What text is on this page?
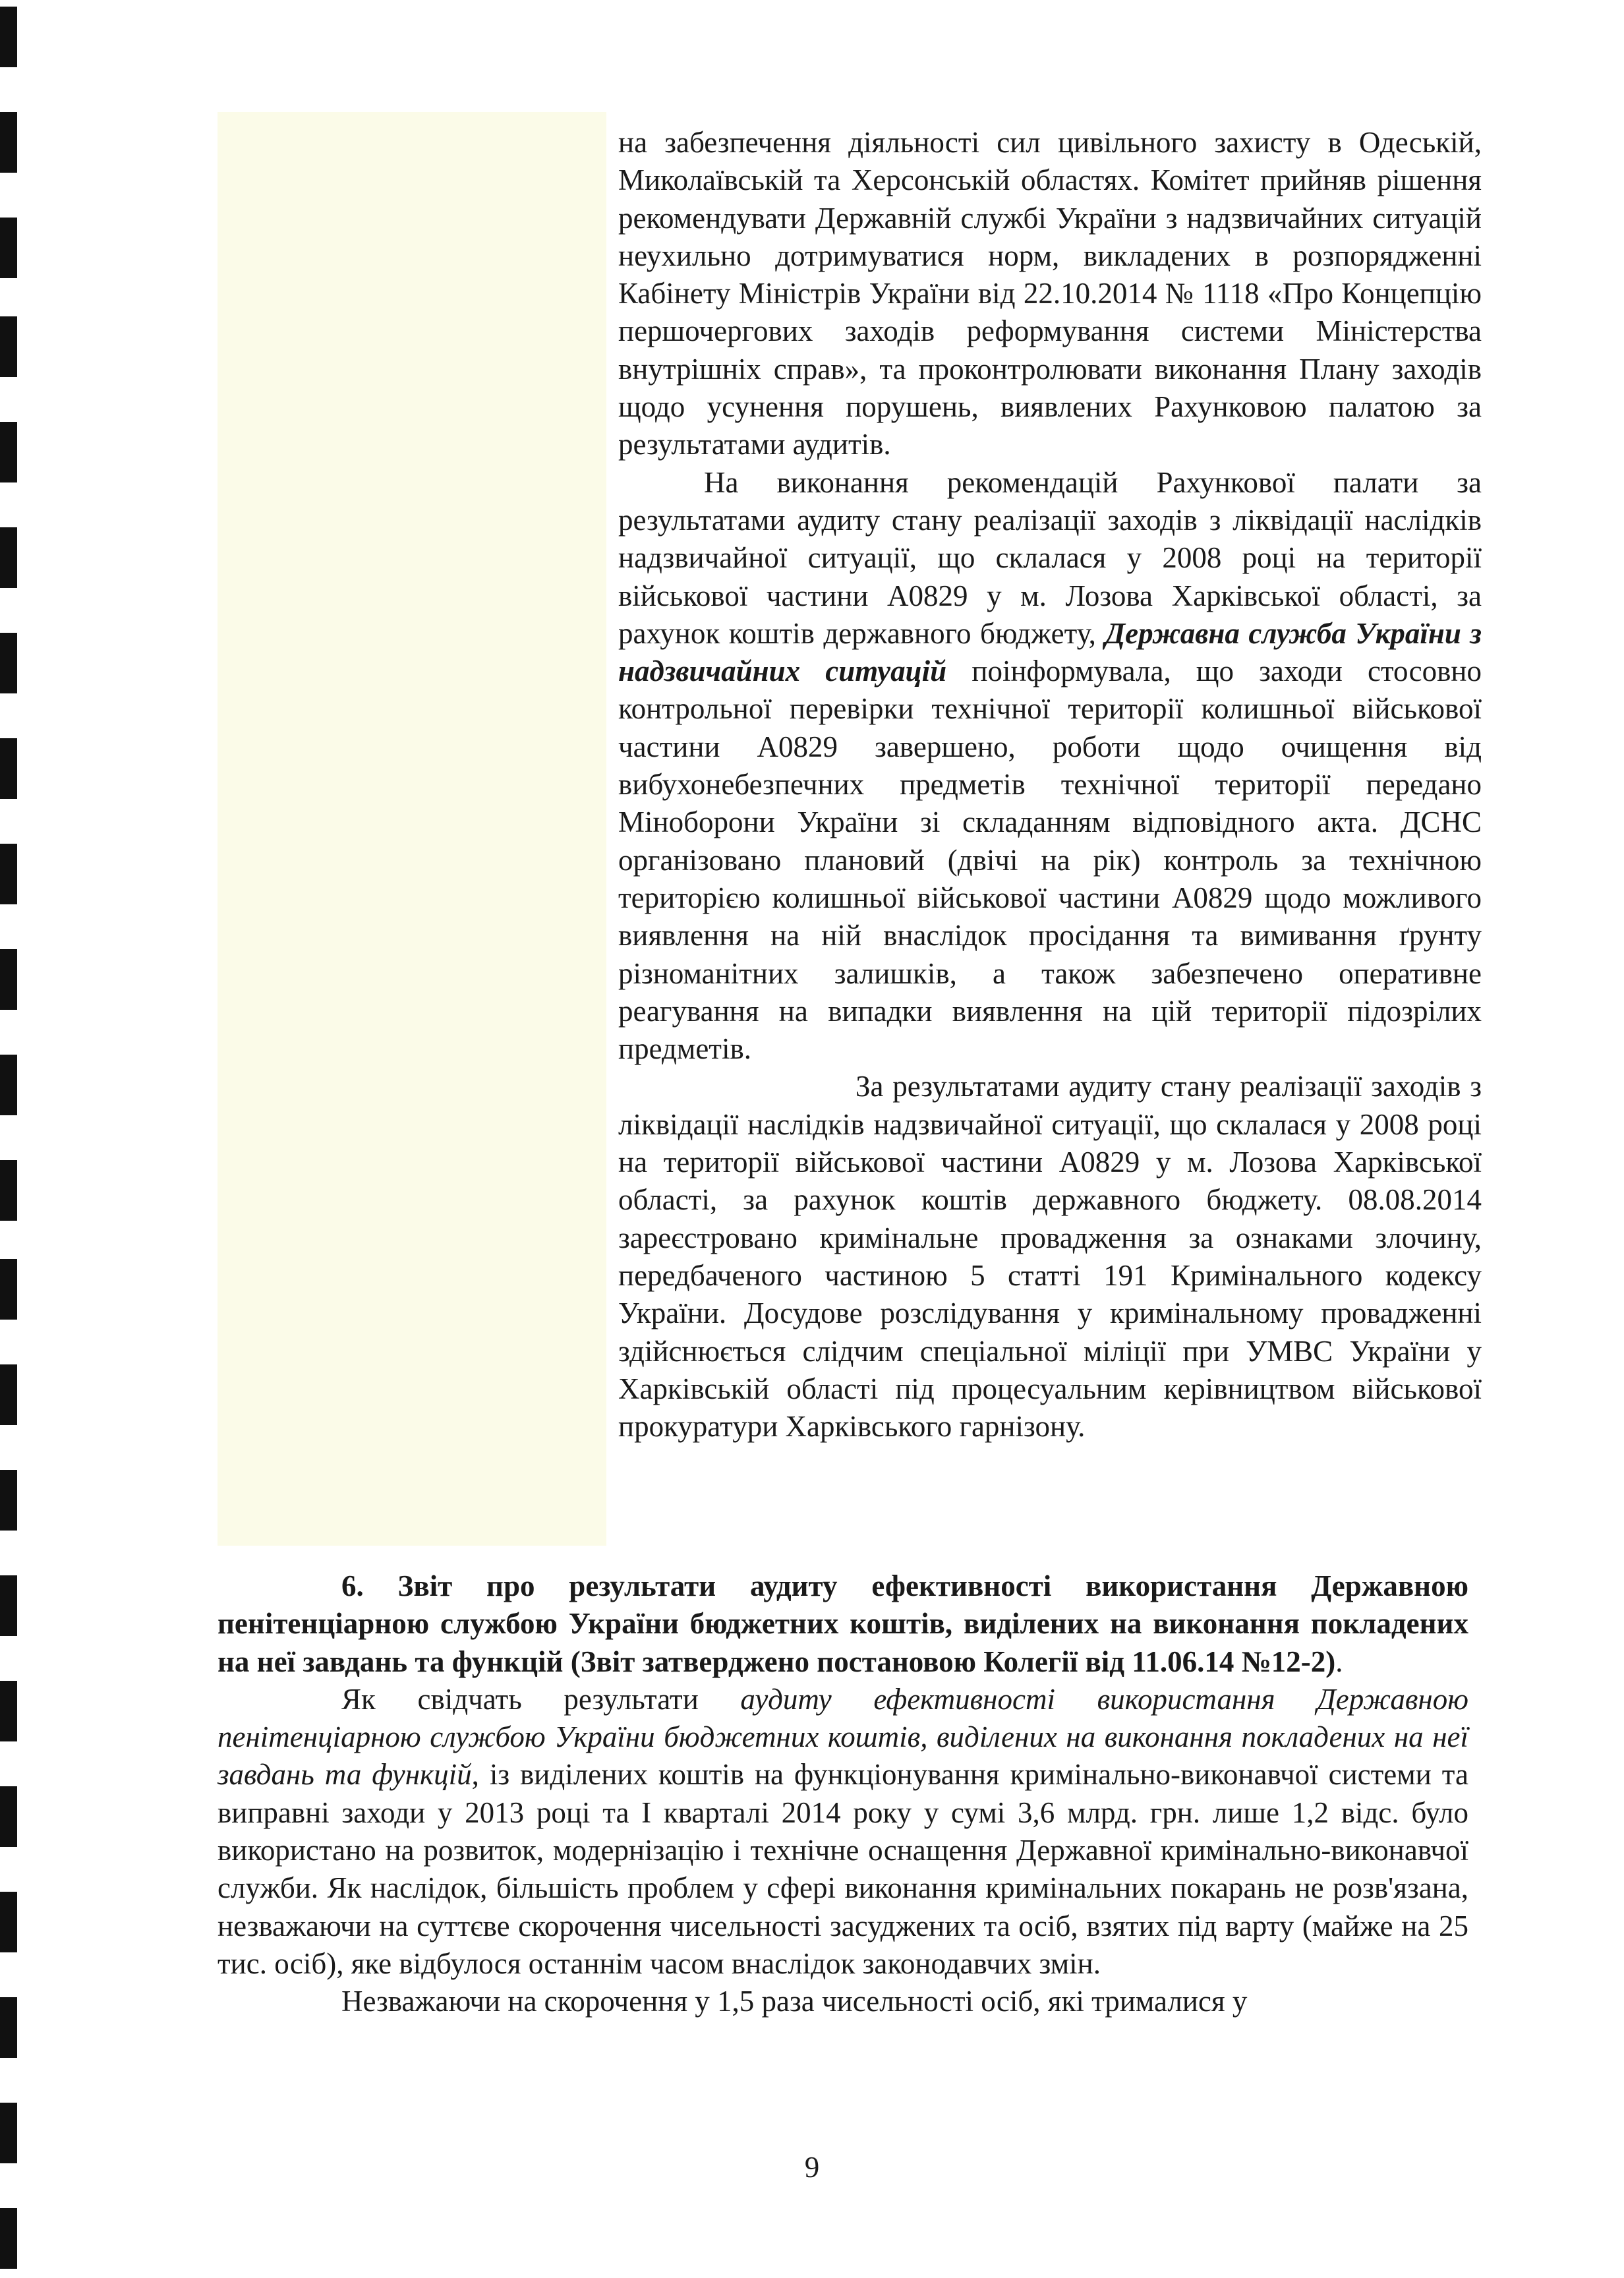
на забезпечення діяльності сил цивільного захисту в Одеській, Миколаївській та Херсонській областях. Комітет прийняв рішення рекомендувати Державній службі України з надзвичайних ситуацій неухильно дотримуватися норм, викладених в розпорядженні Кабінету Міністрів України від 22.10.2014 № 1118 «Про Концепцію першочергових заходів реформування системи Міністерства внутрішніх справ», та проконтролювати виконання Плану заходів щодо усунення порушень, виявлених Рахунковою палатою за результатами аудитів.

На виконання рекомендацій Рахункової палати за результатами аудиту стану реалізації заходів з ліквідації наслідків надзвичайної ситуації, що склалася у 2008 році на території військової частини А0829 у м. Лозова Харківської області, за рахунок коштів державного бюджету, Державна служба України з надзвичайних ситуацій поінформувала, що заходи стосовно контрольної перевірки технічної території колишньої військової частини А0829 завершено, роботи щодо очищення від вибухонебезпечних предметів технічної території передано Міноборони України зі складанням відповідного акта. ДСНС організовано плановий (двічі на рік) контроль за технічною територією колишньої військової частини А0829 щодо можливого виявлення на ній внаслідок просідання та вимивання ґрунту різноманітних залишків, а також забезпечено оперативне реагування на випадки виявлення на цій території підозрілих предметів.

За результатами аудиту стану реалізації заходів з ліквідації наслідків надзвичайної ситуації, що склалася у 2008 році на території військової частини А0829 у м. Лозова Харківської області, за рахунок коштів державного бюджету. 08.08.2014 зареєстровано кримінальне провадження за ознаками злочину, передбаченого частиною 5 статті 191 Кримінального кодексу України. Досудове розслідування у кримінальному провадженні здійснюється слідчим спеціальної міліції при УМВС України у Харківській області під процесуальним керівництвом військової прокуратури Харківського гарнізону.

6. Звіт про результати аудиту ефективності використання Державною пенітенціарною службою України бюджетних коштів, виділених на виконання покладених на неї завдань та функцій (Звіт затверджено постановою Колегії від 11.06.14 №12-2).

Як свідчать результати аудиту ефективності використання Державною пенітенціарною службою України бюджетних коштів, виділених на виконання покладених на неї завдань та функцій, із виділених коштів на функціонування кримінально-виконавчої системи та виправні заходи у 2013 році та І кварталі 2014 року у сумі 3,6 млрд. грн. лише 1,2 відс. було використано на розвиток, модернізацію і технічне оснащення Державної кримінально-виконавчої служби. Як наслідок, більшість проблем у сфері виконання кримінальних покарань не розв'язана, незважаючи на суттєве скорочення чисельності засуджених та осіб, взятих під варту (майже на 25 тис. осіб), яке відбулося останнім часом внаслідок законодавчих змін.

Незважаючи на скорочення у 1,5 раза чисельності осіб, які трималися у

9
